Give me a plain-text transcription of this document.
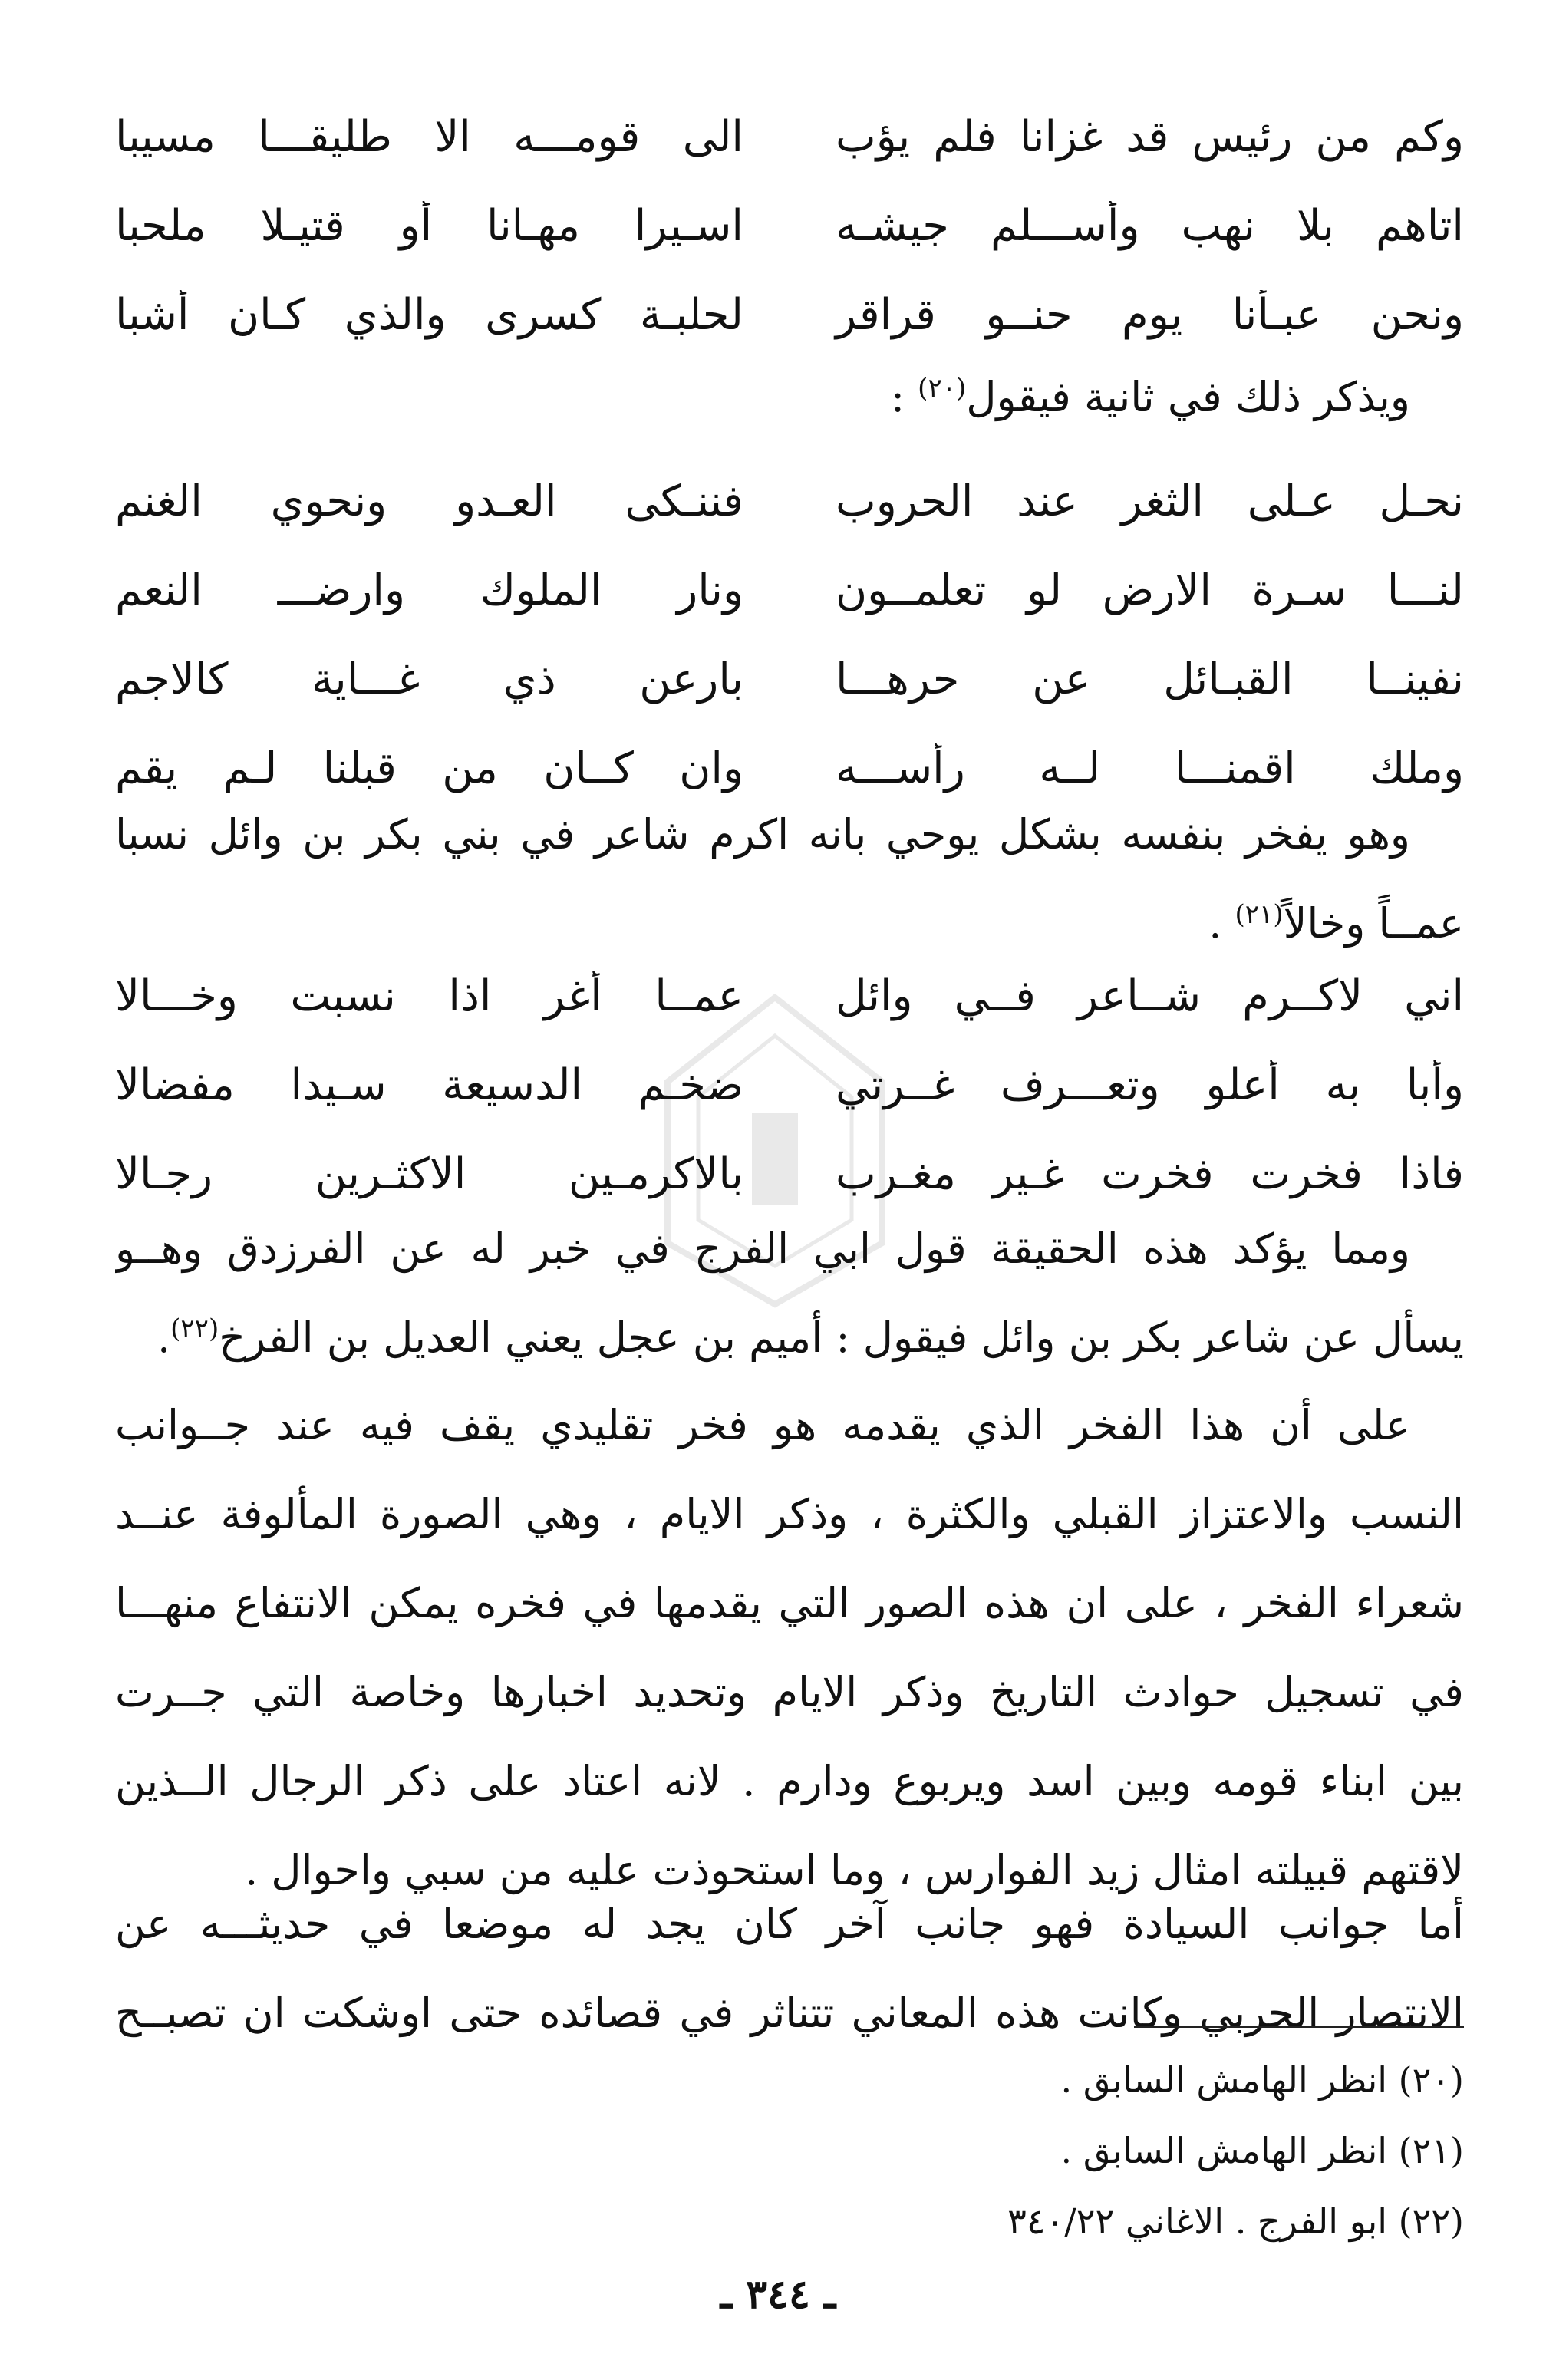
وكم من رئيس قد غزانا فلم يؤب
الى قومـــه الا طليقـــا مسيبا
اتاهم بلا نهب وأســـلم جيشـه
اسـيرا مهـانا أو قتيـلا ملحبا
ونحن عبـأنا يوم حنــو قراقر
لحلبـة كسرى والذي كـان أشبا
ويذكر ذلك في ثانية فيقول$^{(٢٠)}$ :
نحـل عـلى الثغر عند الحروب
فننـكى العـدو ونحوي الغنم
لنـــا سـرة الارض لو تعلمــون
ونار الملوك وارضـــ النعم
نفينــا القبـائل عن حرهـــا
بارعن ذي غـــاية كالاجم
وملك اقمنـــا لــه رأســـه
وان كــان من قبلنا لـم يقم
وهو يفخر بنفسه بشكل يوحي بانه اكرم شاعر في بني بكر بن وائل نسبا
عمــاً وخالاً$^{(٢١)}$ .
اني لاكــرم شــاعر فــي وائل
عمــا أغر اذا نسبت وخـــالا
وأبا به أعلو وتعـــرف غــرتي
ضخـم الدسيعة سـيدا مفضالا
فاذا فخرت فخرت غـير مغـرب
بالاكرمـين الاكثـرين رجـالا
ومما يؤكد هذه الحقيقة قول ابي الفرج في خبر له عن الفرزدق وهــو
يسأل عن شاعر بكر بن وائل فيقول : أميم بن عجل يعني العديل بن الفرخ$^{(٢٢)}$.
على أن هذا الفخر الذي يقدمه هو فخر تقليدي يقف فيه عند جــوانب
النسب والاعتزاز القبلي والكثرة ، وذكر الايام ، وهي الصورة المألوفة عنــد
شعراء الفخر ، على ان هذه الصور التي يقدمها في فخره يمكن الانتفاع منهـــا
في تسجيل حوادث التاريخ وذكر الايام وتحديد اخبارها وخاصة التي جــرت
بين ابناء قومه وبين اسد ويربوع ودارم . لانه اعتاد على ذكر الرجال الــذين
لاقتهم قبيلته امثال زيد الفوارس ، وما استحوذت عليه من سبي واحوال .
أما جوانب السيادة فهو جانب آخر كان يجد له موضعا في حديثـــه عن
الانتصار الحربي وكانت هذه المعاني تتناثر في قصائده حتى اوشكت ان تصبــح
(٢٠) انظر الهامش السابق .
(٢١) انظر الهامش السابق .
(٢٢) ابو الفرج . الاغاني ٣٤٠/٢٢
ـ ٣٤٤ ـ
